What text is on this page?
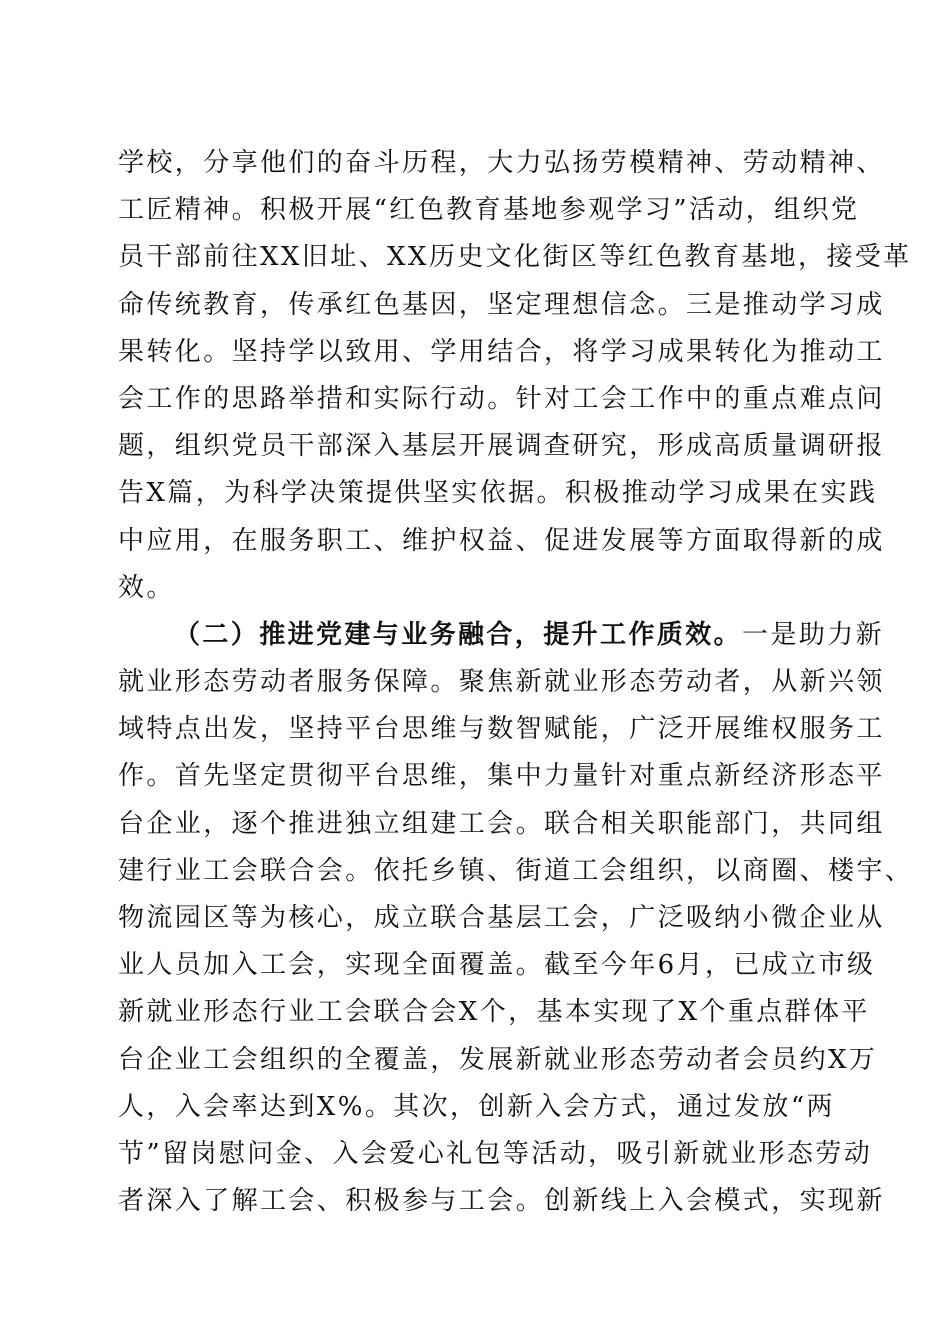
学校，分享他们的奋斗历程，大力弘扬劳模精神、劳动精神、
工匠精神。积极开展“红色教育基地参观学习”活动，组织党
员干部前往XX旧址、XX历史文化街区等红色教育基地，接受革
命传统教育，传承红色基因，坚定理想信念。三是推动学习成
果转化。坚持学以致用、学用结合，将学习成果转化为推动工
会工作的思路举措和实际行动。针对工会工作中的重点难点问
题，组织党员干部深入基层开展调查研究，形成高质量调研报
告X篇，为科学决策提供坚实依据。积极推动学习成果在实践
中应用，在服务职工、维护权益、促进发展等方面取得新的成
效。
（二）推进党建与业务融合，提升工作质效。一是助力新
就业形态劳动者服务保障。聚焦新就业形态劳动者，从新兴领
域特点出发，坚持平台思维与数智赋能，广泛开展维权服务工
作。首先坚定贯彻平台思维，集中力量针对重点新经济形态平
台企业，逐个推进独立组建工会。联合相关职能部门，共同组
建行业工会联合会。依托乡镇、街道工会组织，以商圈、楼宇、
物流园区等为核心，成立联合基层工会，广泛吸纳小微企业从
业人员加入工会，实现全面覆盖。截至今年6月，已成立市级
新就业形态行业工会联合会X个，基本实现了X个重点群体平
台企业工会组织的全覆盖，发展新就业形态劳动者会员约X万
人，入会率达到X%。其次，创新入会方式，通过发放“两
节”留岗慰问金、入会爱心礼包等活动，吸引新就业形态劳动
者深入了解工会、积极参与工会。创新线上入会模式，实现新
